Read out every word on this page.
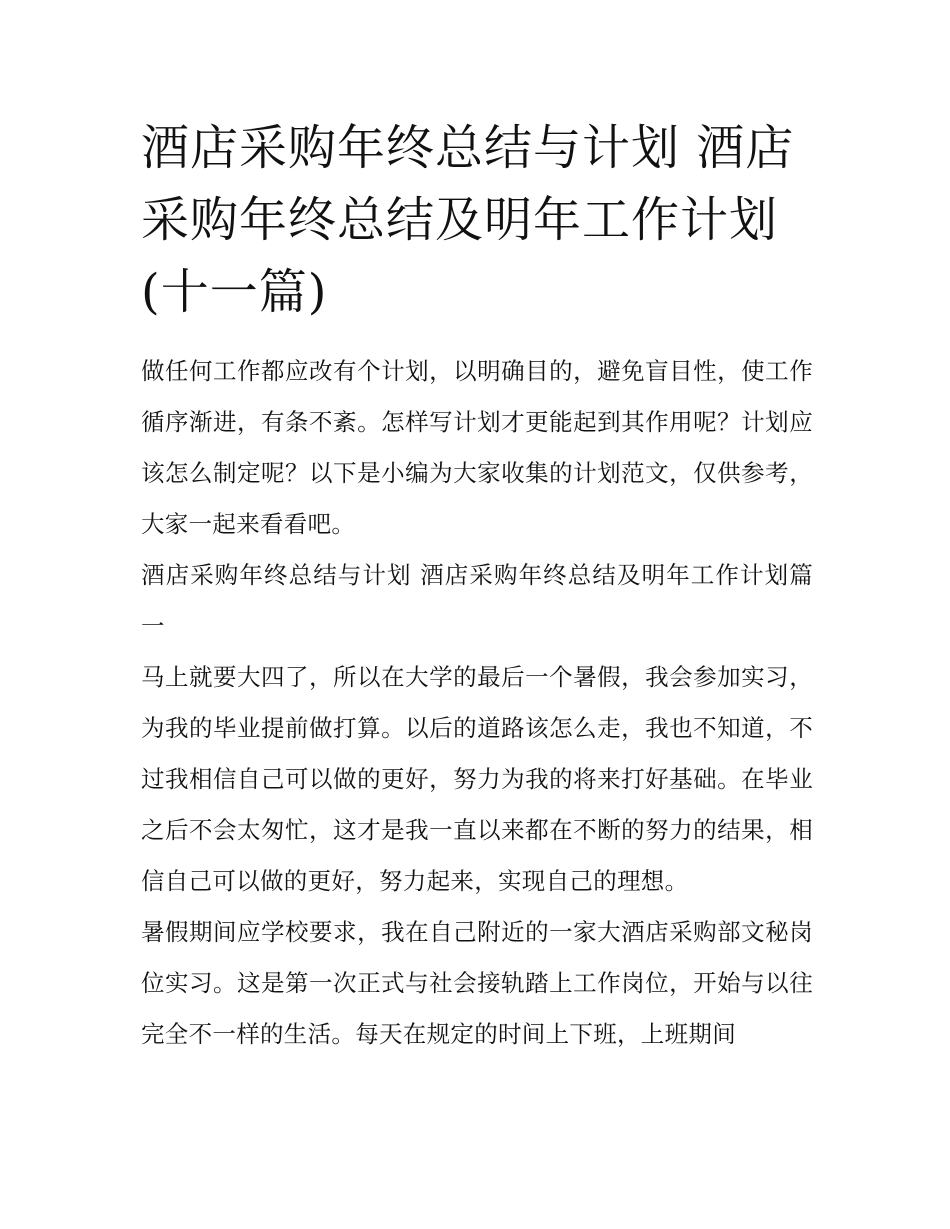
酒店采购年终总结与计划 酒店采购年终总结及明年工作计划(十一篇)

做任何工作都应改有个计划，以明确目的，避免盲目性，使工作循序渐进，有条不紊。怎样写计划才更能起到其作用呢？计划应该怎么制定呢？以下是小编为大家收集的计划范文，仅供参考，大家一起来看看吧。

酒店采购年终总结与计划 酒店采购年终总结及明年工作计划篇一

马上就要大四了，所以在大学的最后一个暑假，我会参加实习，为我的毕业提前做打算。以后的道路该怎么走，我也不知道，不过我相信自己可以做的更好，努力为我的将来打好基础。在毕业之后不会太匆忙，这才是我一直以来都在不断的努力的结果，相信自己可以做的更好，努力起来，实现自己的理想。

暑假期间应学校要求，我在自己附近的一家大酒店采购部文秘岗位实习。这是第一次正式与社会接轨踏上工作岗位，开始与以往完全不一样的生活。每天在规定的时间上下班，上班期间
